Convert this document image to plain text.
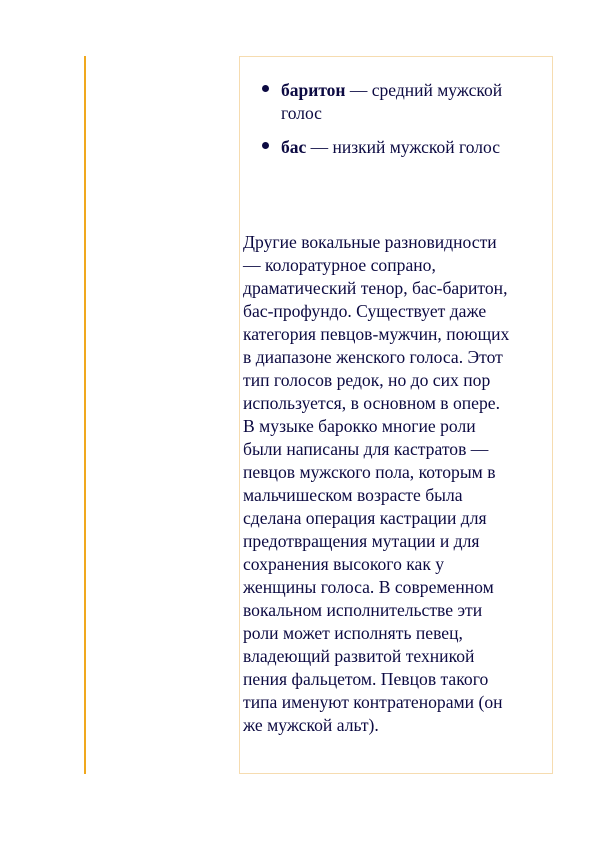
баритон — средний мужской голос
бас — низкий мужской голос

Другие вокальные разновидности
— колоратурное сопрано,
драматический тенор, бас-баритон,
бас-профундо. Существует даже
категория певцов-мужчин, поющих
в диапазоне женского голоса. Этот
тип голосов редок, но до сих пор
используется, в основном в опере.
В музыке барокко многие роли
были написаны для кастратов —
певцов мужского пола, которым в
мальчишеском возрасте была
сделана операция кастрации для
предотвращения мутации и для
сохранения высокого как у
женщины голоса. В современном
вокальном исполнительстве эти
роли может исполнять певец,
владеющий развитой техникой
пения фальцетом. Певцов такого
типа именуют контратенорами (он
же мужской альт).
